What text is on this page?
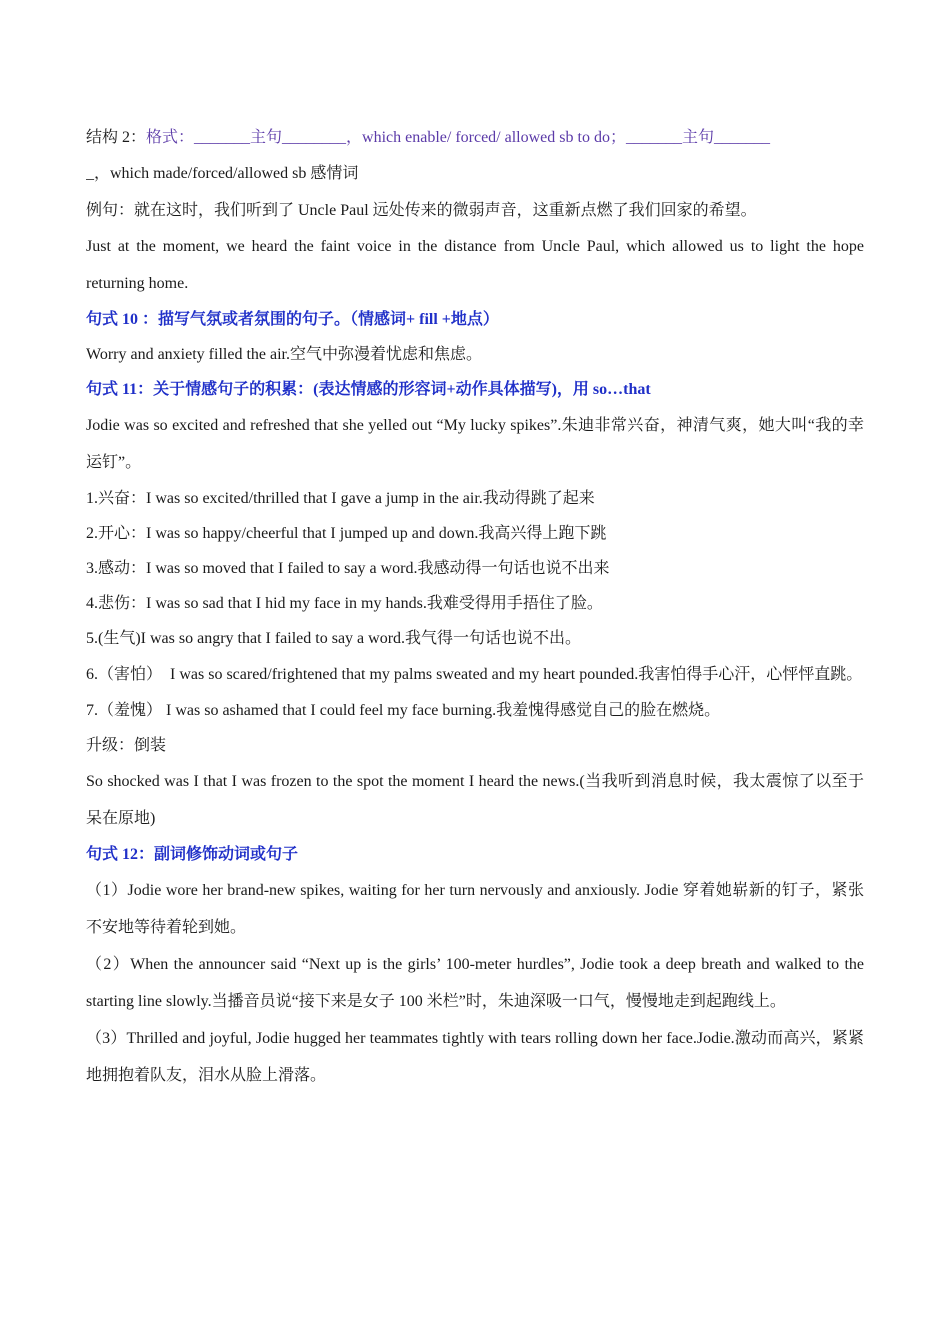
结构 2：格式：_______主句________，which enable/ forced/ allowed sb to do；_______主句_______
_，which made/forced/allowed sb 感情词
例句：就在这时，我们听到了 Uncle Paul 远处传来的微弱声音，这重新点燃了我们回家的希望。
Just at the moment, we heard the faint voice in the distance from Uncle Paul, which allowed us to light the hope returning home.
句式 10 ：描写气氛或者氛围的句子。（情感词+ fill +地点）
Worry and anxiety filled the air.空气中弥漫着忧虑和焦虑。
句式 11：关于情感句子的积累：(表达情感的形容词+动作具体描写)，用 so…that
Jodie was so excited and refreshed that she yelled out “My lucky spikes”.朱迪非常兴奋，神清气爽，她大叫“我的幸运钉”。
1.兴奋：I was so excited/thrilled that I gave a jump in the air.我动得跳了起来
2.开心：I was so happy/cheerful that I jumped up and down.我高兴得上跑下跳
3.感动：I was so moved that I failed to say a word.我感动得一句话也说不出来
4.悲伤：I was so sad that I hid my face in my hands.我难受得用手捂住了脸。
5.(生气)I was so angry that I failed to say a word.我气得一句话也说不出。
6.（害怕）　I was so scared/frightened that my palms sweated and my heart pounded.我害怕得手心汗，心怦怦直跳。
7.（羞愧） I was so ashamed that I could feel my face burning.我羞愧得感觉自己的脸在燃烧。
升级：倒装
So shocked was I that I was frozen to the spot the moment I heard the news.(当我听到消息时候，我太震惊了以至于呆在原地)
句式 12：副词修饰动词或句子
（1）Jodie wore her brand-new spikes, waiting for her turn nervously and anxiously. Jodie 穿着她崭新的钉子，紧张不安地等待着轮到她。
（2）When the announcer said “Next up is the girls’ 100-meter hurdles”, Jodie took a deep breath and walked to the starting line slowly.当播音员说“接下来是女子 100 米栏”时，朱迪深吸一口气，慢慢地走到起跑线上。
（3）Thrilled and joyful, Jodie hugged her teammates tightly with tears rolling down her face.Jodie.激动而高兴，紧紧地拥抱着队友，泪水从脸上滑落。
